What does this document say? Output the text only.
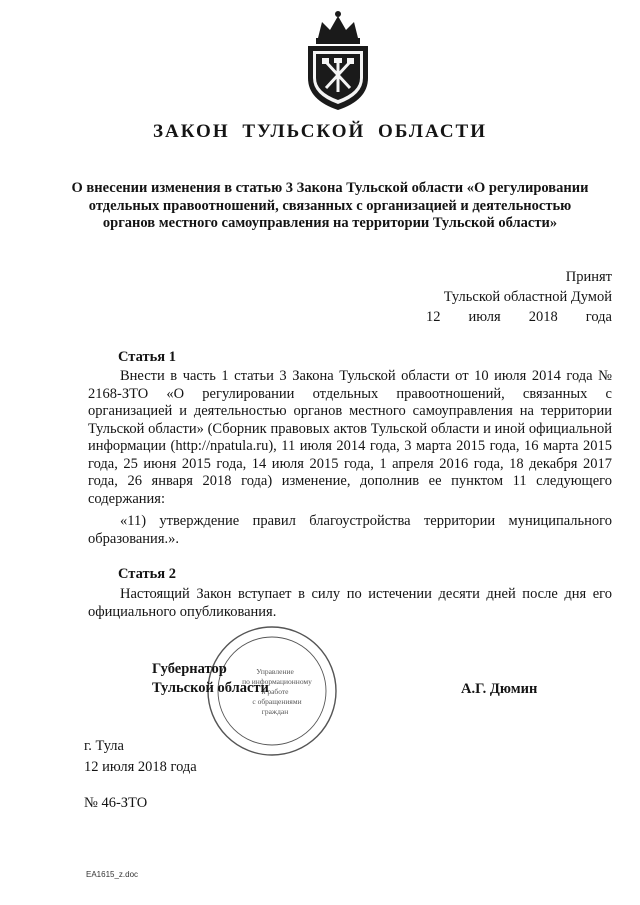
ЗАКОН ТУЛЬСКОЙ ОБЛАСТИ
О внесении изменения в статью 3 Закона Тульской области «О регулировании отдельных правоотношений, связанных с организацией и деятельностью органов местного самоуправления на территории Тульской области»
Принят
Тульской областной Думой
12 июля 2018 года
Статья 1

Внести в часть 1 статьи 3 Закона Тульской области от 10 июля 2014 года № 2168-ЗТО «О регулировании отдельных правоотношений, связанных с организацией и деятельностью органов местного самоуправления на территории Тульской области» (Сборник правовых актов Тульской области и иной официальной информации (http://npatula.ru), 11 июля 2014 года, 3 марта 2015 года, 16 марта 2015 года, 25 июня 2015 года, 14 июля 2015 года, 1 апреля 2016 года, 18 декабря 2017 года, 26 января 2018 года) изменение, дополнив ее пунктом 11 следующего содержания:

«11) утверждение правил благоустройства территории муниципального образования.».

Статья 2

Настоящий Закон вступает в силу по истечении десяти дней после дня его официального опубликования.

Управление
по информационному
и работе
с обращениями
граждан
Губернатор
Тульской области	А.Г. Дюмин
г. Тула
12 июля 2018 года
№ 46-ЗТО
EA1615_z.doc
